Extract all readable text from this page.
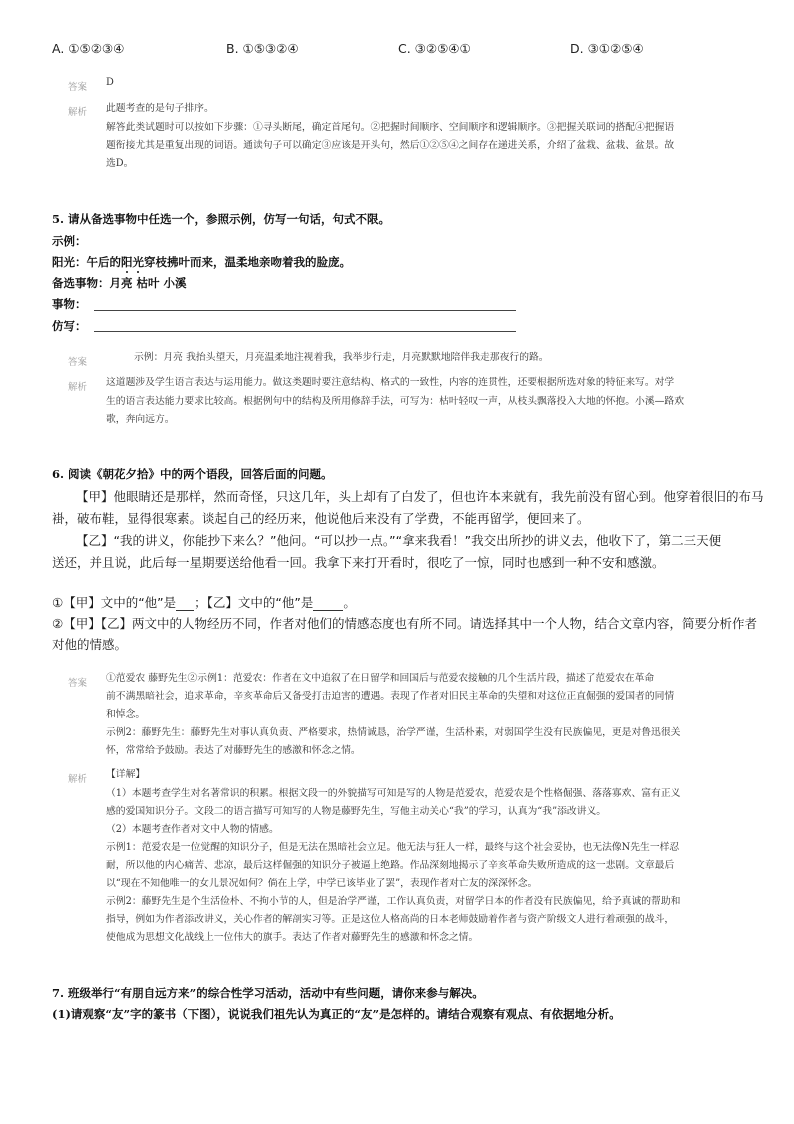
A. ①⑤②③④	B. ①⑤③②④	C. ③②⑤④①	D. ③①②⑤④
答案 D
解析 此题考查的是句子排序。
解答此类试题时可以按如下步骤：①寻头断尾，确定首尾句。②把握时间顺序、空间顺序和逻辑顺序。③把握关联词的搭配④把握语
题衔接尤其是重复出现的词语。通读句子可以确定③应该是开头句，然后①②⑤④之间存在递进关系，介绍了盆栽、盆栽、盆景。故
选D。
5. 请从备选事物中任选一个，参照示例，仿写一句话，句式不限。
示例：
阳光：午后的阳光穿枝拂叶而来，温柔地亲吻着我的脸庞。
备选事物：月亮 枯叶 小溪
事物：
仿写：
答案	示例：月亮 我抬头望天，月亮温柔地注视着我，我举步行走，月亮默默地陪伴我走那夜行的路。
解析 这道题涉及学生语言表达与运用能力。做这类题时要注意结构、格式的一致性，内容的连贯性，还要根据所选对象的特征来写。对学
生的语言表达能力要求比较高。根据例句中的结构及所用修辞手法，可写为：枯叶轻叹一声，从枝头飘落投入大地的怀抱。小溪—路欢
歌，奔向远方。
6. 阅读《朝花夕拾》中的两个语段，回答后面的问题。
【甲】他眼睛还是那样，然而奇怪，只这几年，头上却有了白发了，但也许本来就有，我先前没有留心到。他穿着很旧的布马
褂，破布鞋，显得很寒素。谈起自己的经历来，他说他后来没有了学费，不能再留学，便回来了。
【乙】“我的讲义，你能抄下来么？”他问。“可以抄一点。”“拿来我看！”我交出所抄的讲义去，他收下了，第二三天便
送还，并且说，此后每一星期要送给他看一回。我拿下来打开看时，很吃了一惊，同时也感到一种不安和感激。
①【甲】文中的“他”是 ；【乙】文中的“他”是 。
②【甲】【乙】两文中的人物经历不同，作者对他们的情感态度也有所不同。请选择其中一个人物，结合文章内容，简要分析作者
对他的情感。
答案 ①范爱农 藤野先生②示例1：范爱农：作者在文中追叙了在日留学和回国后与范爱农接触的几个生活片段，描述了范爱农在革命
前不满黑暗社会，追求革命，辛亥革命后又备受打击迫害的遭遇。表现了作者对旧民主革命的失望和对这位正直倔强的爱国者的同情
和悼念。
示例2：藤野先生：藤野先生对事认真负责、严格要求，热情诚恳，治学严谨，生活朴素，对弱国学生没有民族偏见，更是对鲁迅很关
怀，常常给予鼓励。表达了对藤野先生的感激和怀念之情。
解析 【详解】
（1）本题考查学生对名著常识的积累。根据文段一的外貌描写可知是写的人物是范爱农，范爱农是个性格倔强、落落寡欢、富有正义
感的爱国知识分子。文段二的语言描写可知写的人物是藤野先生，写他主动关心“我”的学习，认真为“我”添改讲义。
（2）本题考查作者对文中人物的情感。
示例1：范爱农是一位觉醒的知识分子，但是无法在黑暗社会立足。他无法与狂人一样，最终与这个社会妥协，也无法像N先生一样忍
耐，所以他的内心痛苦、悲凉，最后这样倔强的知识分子被逼上绝路。作品深刻地揭示了辛亥革命失败所造成的这一悲剧。文章最后
以“现在不知他唯一的女儿景况如何？倘在上学，中学已该毕业了罢”，表现作者对亡友的深深怀念。
示例2：藤野先生是个生活俭朴、不拘小节的人，但是治学严谨，工作认真负责，对留学日本的作者没有民族偏见，给予真诚的帮助和
指导，例如为作者添改讲义，关心作者的解剖实习等。正是这位人格高尚的日本老师鼓励着作者与资产阶级文人进行着顽强的战斗，
使他成为思想文化战线上一位伟大的旗手。表达了作者对藤野先生的感激和怀念之情。
7. 班级举行“有朋自远方来”的综合性学习活动，活动中有些问题，请你来参与解决。
(1)请观察“友”字的篆书（下图），说说我们祖先认为真正的“友”是怎样的。请结合观察有观点、有依据地分析。
